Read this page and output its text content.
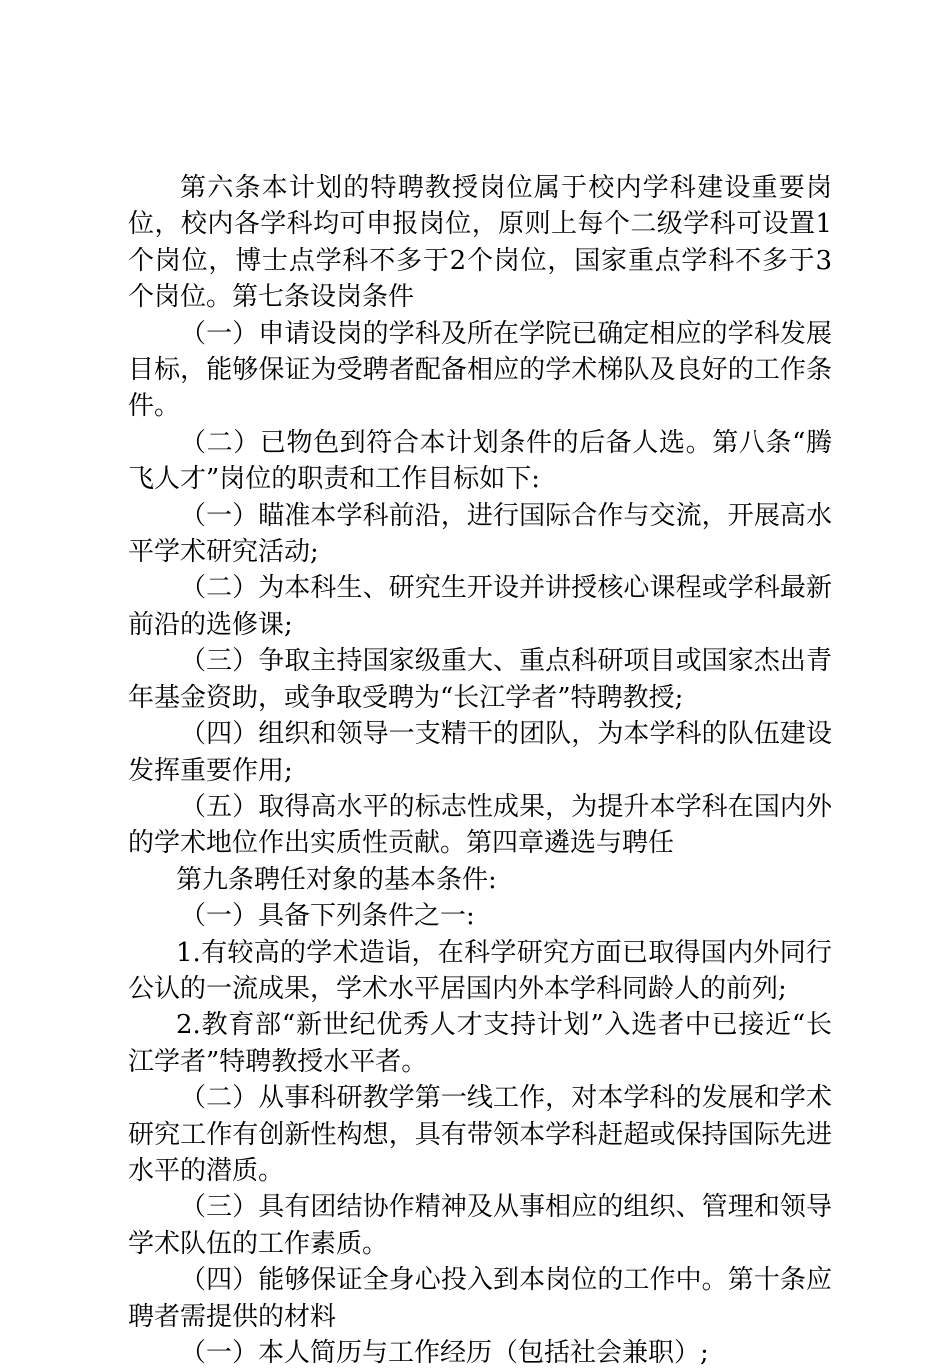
第六条本计划的特聘教授岗位属于校内学科建设重要岗位，校内各学科均可申报岗位，原则上每个二级学科可设置1个岗位，博士点学科不多于2个岗位，国家重点学科不多于3个岗位。第七条设岗条件

（一）申请设岗的学科及所在学院已确定相应的学科发展目标，能够保证为受聘者配备相应的学术梯队及良好的工作条件。

（二）已物色到符合本计划条件的后备人选。第八条“腾飞人才”岗位的职责和工作目标如下:

（一）瞄准本学科前沿，进行国际合作与交流，开展高水平学术研究活动;

（二）为本科生、研究生开设并讲授核心课程或学科最新前沿的选修课;

（三）争取主持国家级重大、重点科研项目或国家杰出青年基金资助，或争取受聘为“长江学者”特聘教授;

（四）组织和领导一支精干的团队，为本学科的队伍建设发挥重要作用;

（五）取得高水平的标志性成果，为提升本学科在国内外的学术地位作出实质性贡献。第四章遴选与聘任

第九条聘任对象的基本条件:

（一）具备下列条件之一:

1.有较高的学术造诣，在科学研究方面已取得国内外同行公认的一流成果，学术水平居国内外本学科同龄人的前列;

2.教育部“新世纪优秀人才支持计划”入选者中已接近“长江学者”特聘教授水平者。

（二）从事科研教学第一线工作，对本学科的发展和学术研究工作有创新性构想，具有带领本学科赶超或保持国际先进水平的潜质。

（三）具有团结协作精神及从事相应的组织、管理和领导学术队伍的工作素质。

（四）能够保证全身心投入到本岗位的工作中。第十条应聘者需提供的材料

（一）本人简历与工作经历（包括社会兼职）;
